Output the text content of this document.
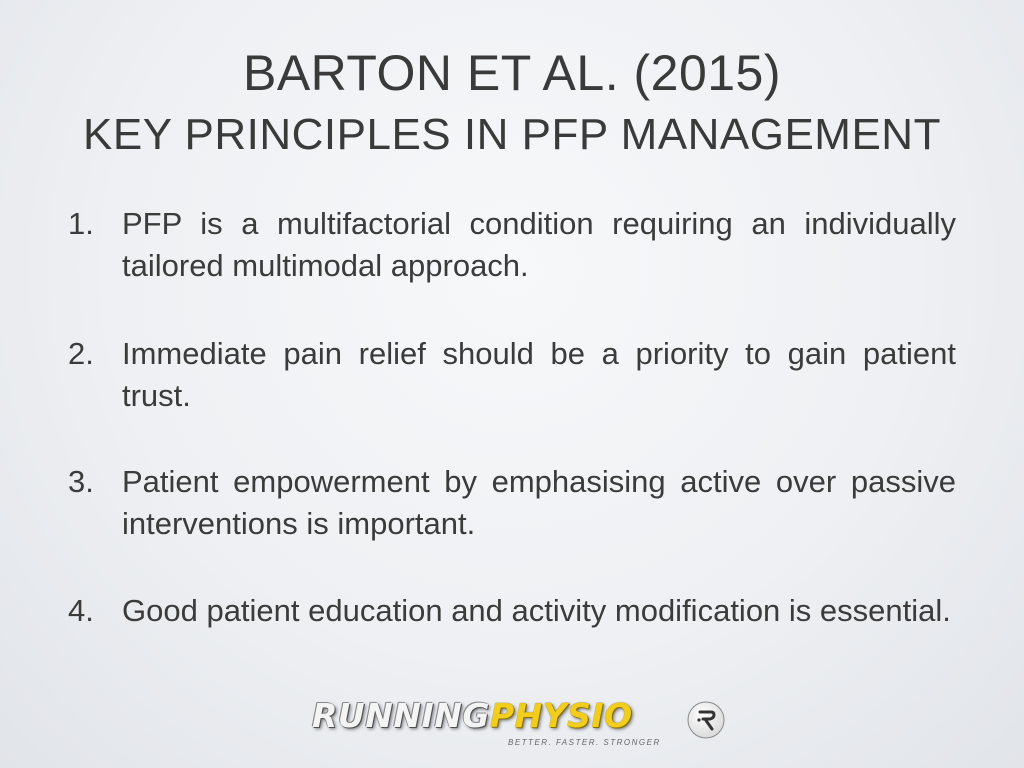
BARTON ET AL. (2015)
KEY PRINCIPLES IN PFP MANAGEMENT
1. PFP is a multifactorial condition requiring an individually tailored multimodal approach.
2. Immediate pain relief should be a priority to gain patient trust.
3. Patient empowerment by emphasising active over passive interventions is important.
4. Good patient education and activity modification is essential.
RUNNINGPHYSIO
BETTER. FASTER. STRONGER
